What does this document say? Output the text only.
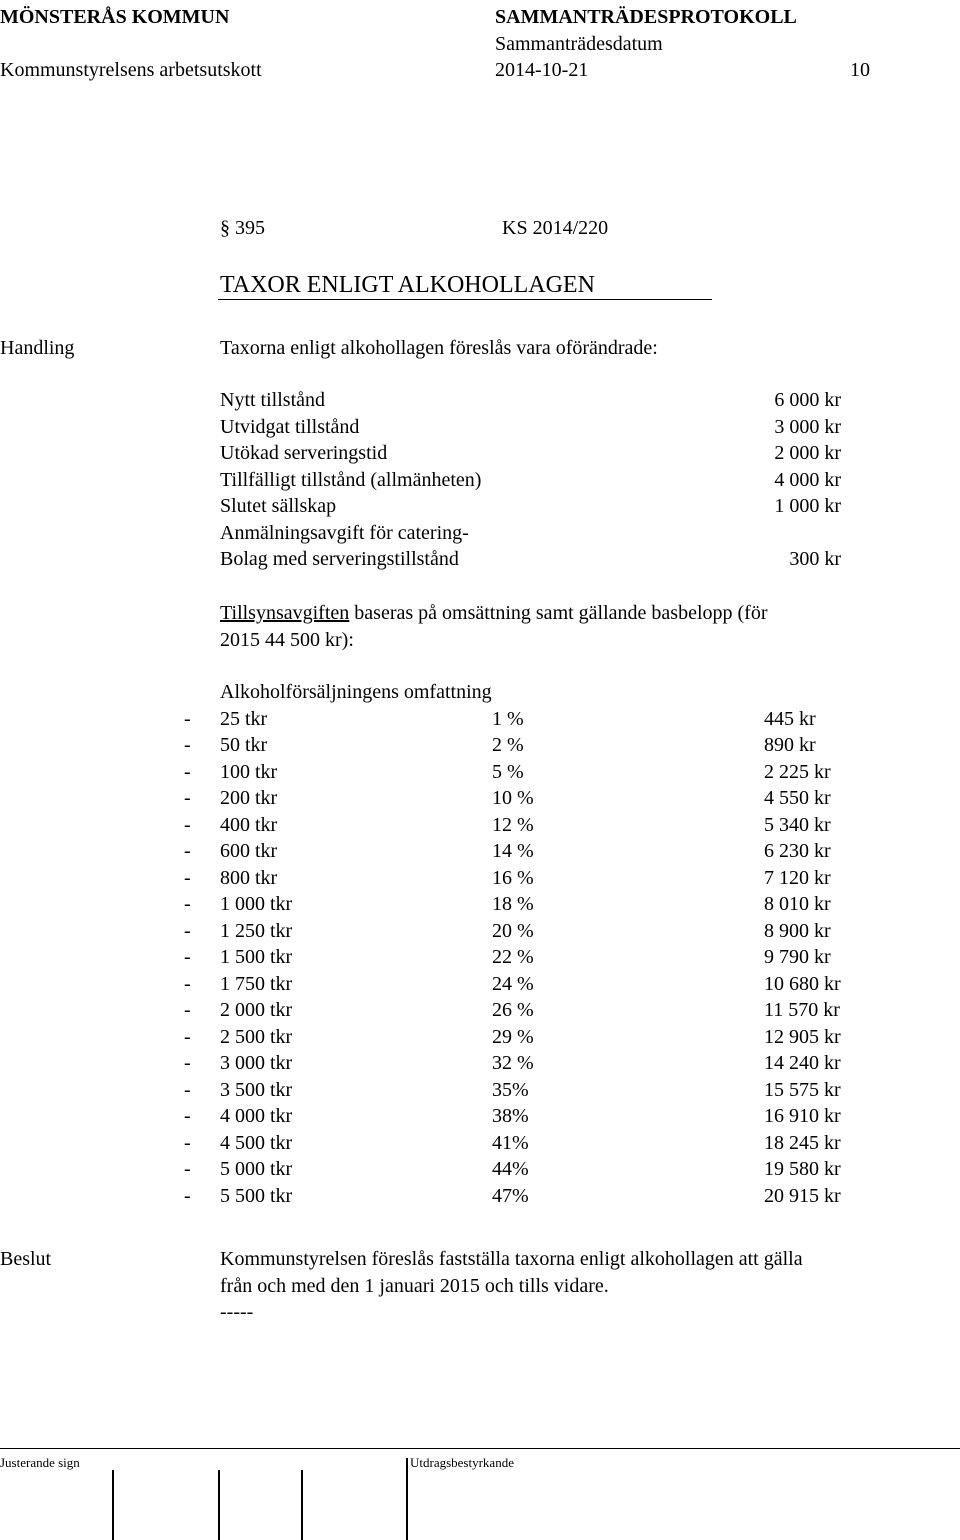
MÖNSTERÅS KOMMUN	SAMMANTRÄDESPROTOKOLL
Sammanträdesdatum
Kommunstyrelsens arbetsutskott	2014-10-21	10
§ 395	KS 2014/220
TAXOR ENLIGT ALKOHOLLAGEN
Handling	Taxorna enligt alkohollagen föreslås vara oförändrade:
Nytt tillstånd	6 000 kr
Utvidgat tillstånd	3 000 kr
Utökad serveringstid	2 000 kr
Tillfälligt tillstånd (allmänheten)	4 000 kr
Slutet sällskap	1 000 kr
Anmälningsavgift för catering-
Bolag med serveringstillstånd	300 kr
Tillsynsavgiften baseras på omsättning samt gällande basbelopp (för
2015 44 500 kr):
Alkoholförsäljningens omfattning
- 25 tkr	1 %	445 kr
- 50 tkr	2 %	890 kr
- 100 tkr	5 %	2 225 kr
- 200 tkr	10 %	4 550 kr
- 400 tkr	12 %	5 340 kr
- 600 tkr	14 %	6 230 kr
- 800 tkr	16 %	7 120 kr
- 1 000 tkr	18 %	8 010 kr
- 1 250 tkr	20 %	8 900 kr
- 1 500 tkr	22 %	9 790 kr
- 1 750 tkr	24 %	10 680 kr
- 2 000 tkr	26 %	11 570 kr
- 2 500 tkr	29 %	12 905 kr
- 3 000 tkr	32 %	14 240 kr
- 3 500 tkr	35%	15 575 kr
- 4 000 tkr	38%	16 910 kr
- 4 500 tkr	41%	18 245 kr
- 5 000 tkr	44%	19 580 kr
- 5 500 tkr	47%	20 915 kr
Beslut	Kommunstyrelsen föreslås fastställa taxorna enligt alkohollagen att gälla
från och med den 1 januari 2015 och tills vidare.
-----
Justerande sign	Utdragsbestyrkande
